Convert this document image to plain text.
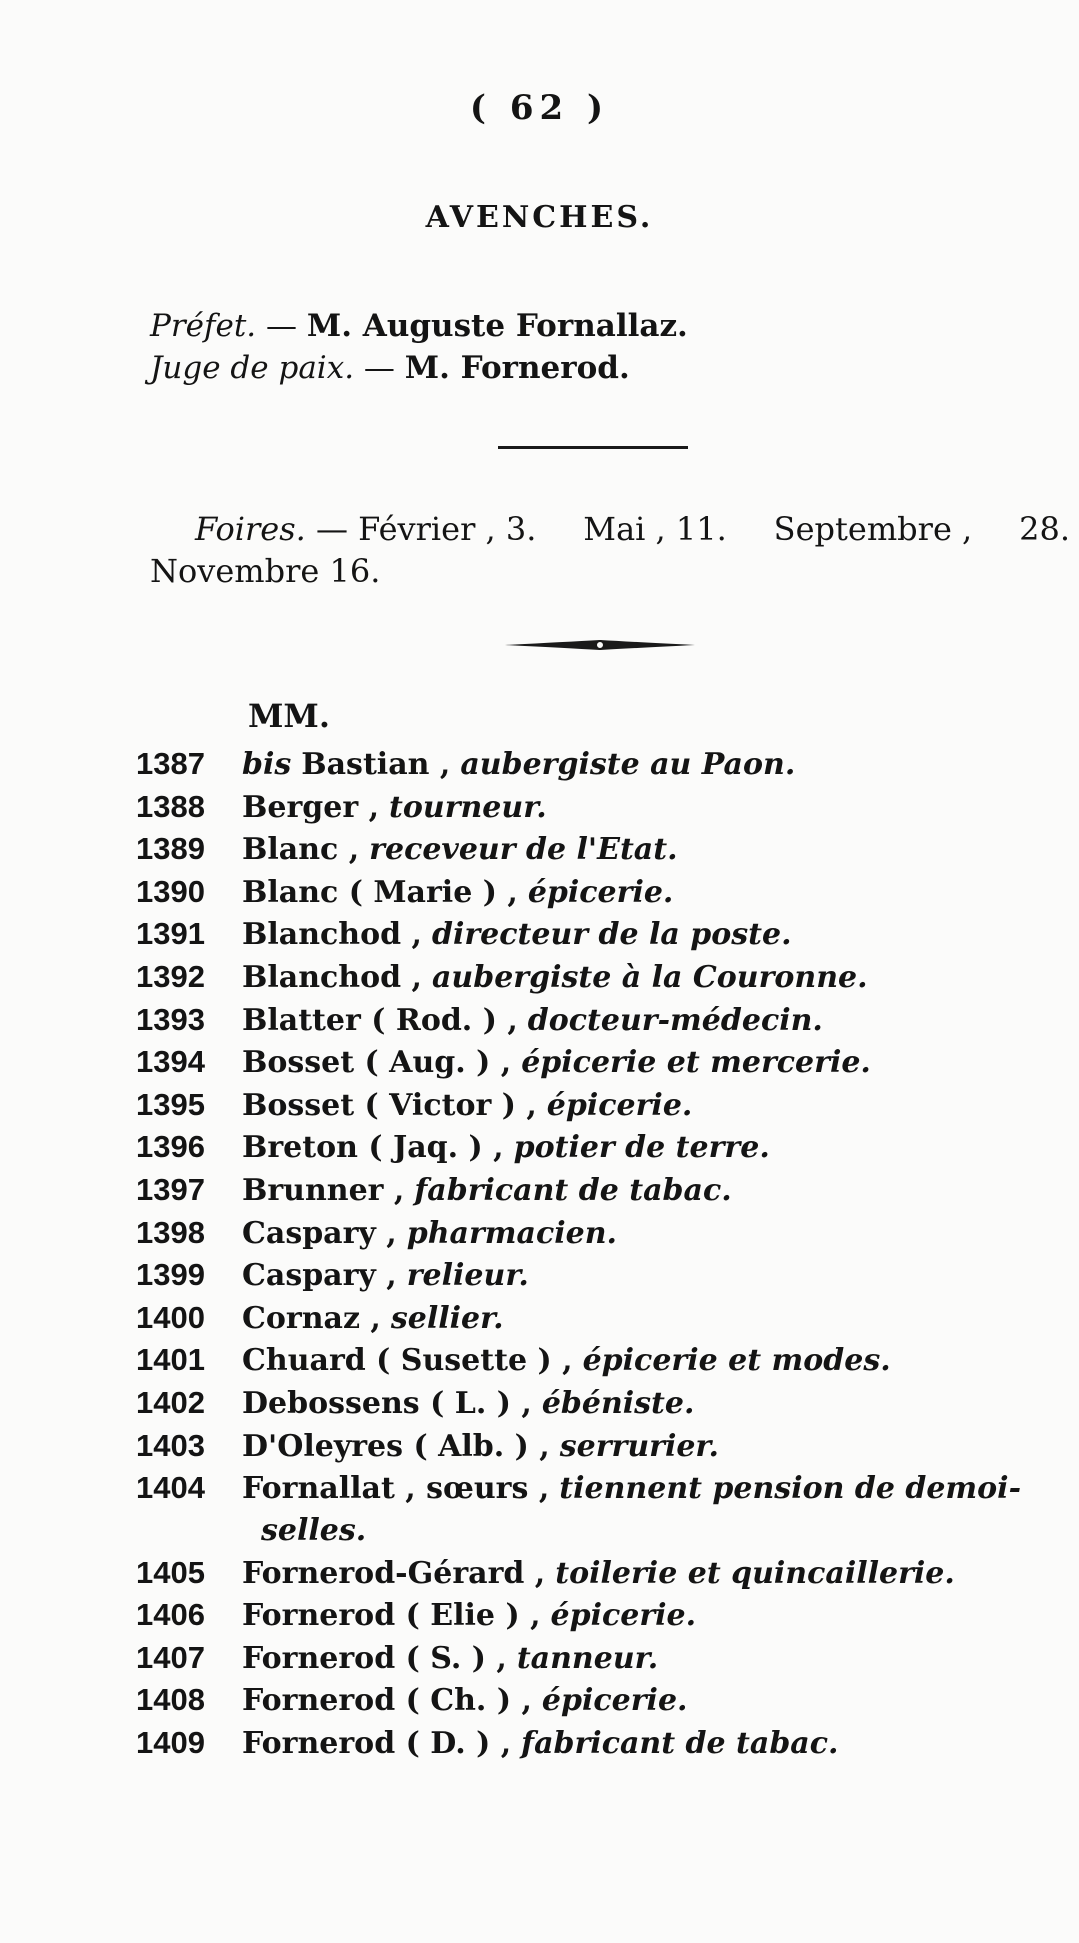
( 62 )
AVENCHES.
Préfet. — M. Auguste Fornallaz.
Juge de paix. — M. Fornerod.
Foires. — Février , 3. Mai , 11. Septembre , 28.
Novembre 16.
MM.
1387	bis Bastian , aubergiste au Paon.
1388	Berger , tourneur.
1389	Blanc , receveur de l'Etat.
1390	Blanc ( Marie ) , épicerie.
1391	Blanchod , directeur de la poste.
1392	Blanchod , aubergiste à la Couronne.
1393	Blatter ( Rod. ) , docteur-médecin.
1394	Bosset ( Aug. ) , épicerie et mercerie.
1395	Bosset ( Victor ) , épicerie.
1396	Breton ( Jaq. ) , potier de terre.
1397	Brunner , fabricant de tabac.
1398	Caspary , pharmacien.
1399	Caspary , relieur.
1400	Cornaz , sellier.
1401	Chuard ( Susette ) , épicerie et modes.
1402	Debossens ( L. ) , ébéniste.
1403	D'Oleyres ( Alb. ) , serrurier.
1404	Fornallat , sœurs , tiennent pension de demoi-
selles.
1405	Fornerod-Gérard , toilerie et quincaillerie.
1406	Fornerod ( Elie ) , épicerie.
1407	Fornerod ( S. ) , tanneur.
1408	Fornerod ( Ch. ) , épicerie.
1409	Fornerod ( D. ) , fabricant de tabac.
